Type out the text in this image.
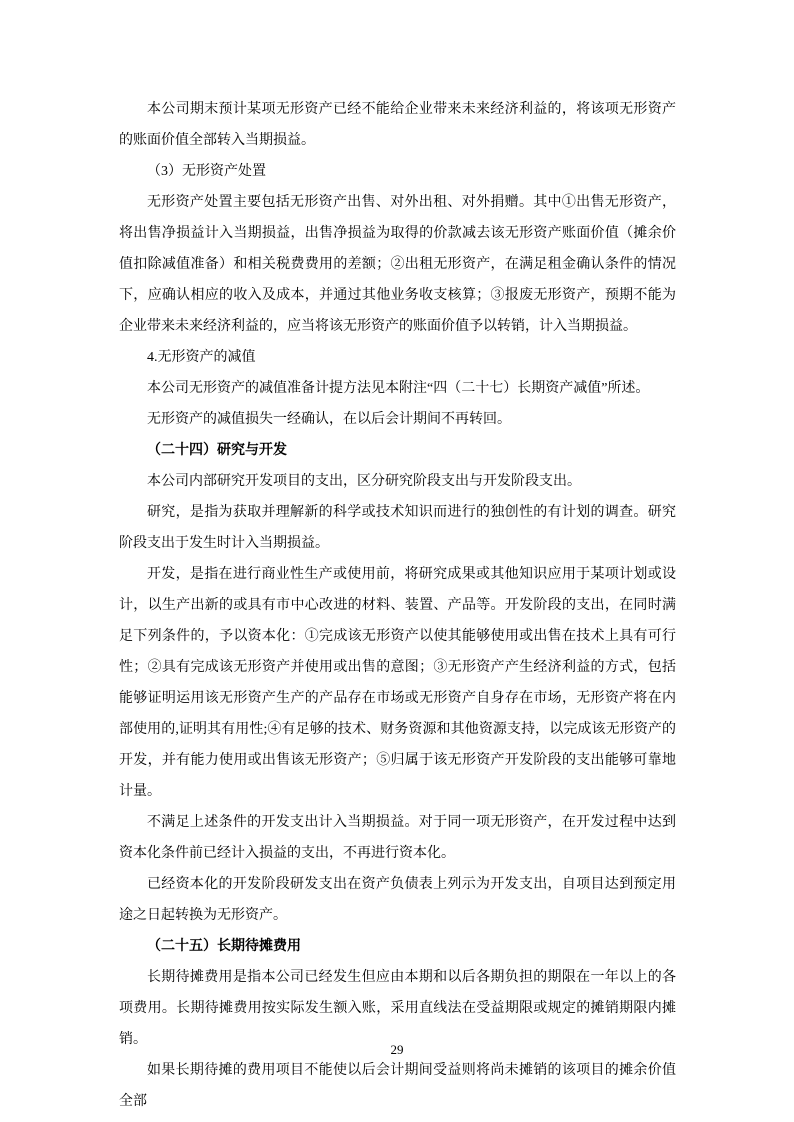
本公司期末预计某项无形资产已经不能给企业带来未来经济利益的，将该项无形资产的账面价值全部转入当期损益。

（3）无形资产处置

无形资产处置主要包括无形资产出售、对外出租、对外捐赠。其中①出售无形资产，将出售净损益计入当期损益，出售净损益为取得的价款减去该无形资产账面价值（摊余价值扣除减值准备）和相关税费费用的差额；②出租无形资产，在满足租金确认条件的情况下，应确认相应的收入及成本，并通过其他业务收支核算；③报废无形资产，预期不能为企业带来未来经济利益的，应当将该无形资产的账面价值予以转销，计入当期损益。

4.无形资产的减值

本公司无形资产的减值准备计提方法见本附注“四（二十七）长期资产减值”所述。

无形资产的减值损失一经确认，在以后会计期间不再转回。

（二十四）研究与开发

本公司内部研究开发项目的支出，区分研究阶段支出与开发阶段支出。

研究，是指为获取并理解新的科学或技术知识而进行的独创性的有计划的调查。研究阶段支出于发生时计入当期损益。

开发，是指在进行商业性生产或使用前，将研究成果或其他知识应用于某项计划或设计，以生产出新的或具有市中心改进的材料、装置、产品等。开发阶段的支出，在同时满足下列条件的，予以资本化：①完成该无形资产以使其能够使用或出售在技术上具有可行性；②具有完成该无形资产并使用或出售的意图；③无形资产产生经济利益的方式，包括能够证明运用该无形资产生产的产品存在市场或无形资产自身存在市场，无形资产将在内部使用的,证明其有用性;④有足够的技术、财务资源和其他资源支持，以完成该无形资产的开发，并有能力使用或出售该无形资产；⑤归属于该无形资产开发阶段的支出能够可靠地计量。

不满足上述条件的开发支出计入当期损益。对于同一项无形资产，在开发过程中达到资本化条件前已经计入损益的支出，不再进行资本化。

已经资本化的开发阶段研发支出在资产负债表上列示为开发支出，自项目达到预定用途之日起转换为无形资产。

（二十五）长期待摊费用

长期待摊费用是指本公司已经发生但应由本期和以后各期负担的期限在一年以上的各项费用。长期待摊费用按实际发生额入账，采用直线法在受益期限或规定的摊销期限内摊销。

如果长期待摊的费用项目不能使以后会计期间受益则将尚未摊销的该项目的摊余价值全部

29
